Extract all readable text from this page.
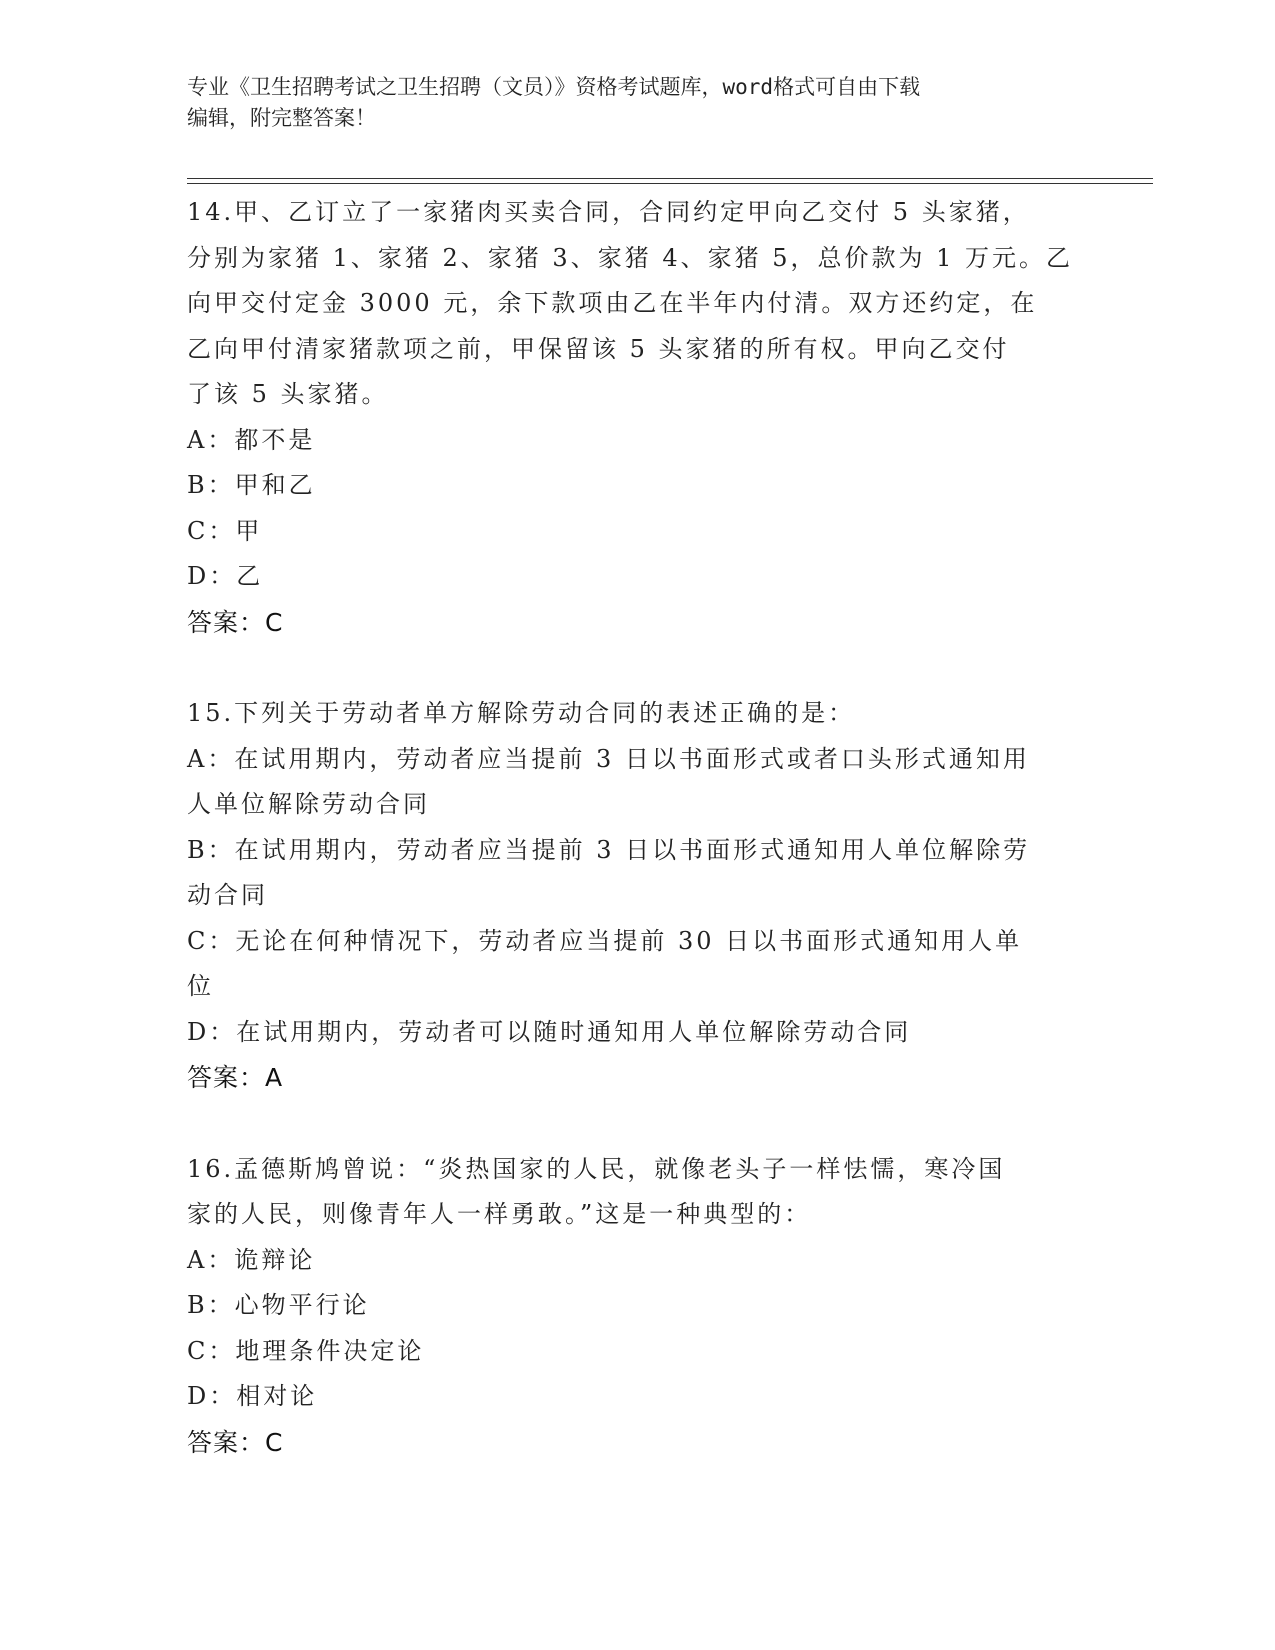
专业《卫生招聘考试之卫生招聘（文员）》资格考试题库，word格式可自由下载
编辑，附完整答案！
14.甲、乙订立了一家猪肉买卖合同，合同约定甲向乙交付 5 头家猪，
分别为家猪 1、家猪 2、家猪 3、家猪 4、家猪 5，总价款为 1 万元。乙
向甲交付定金 3000 元，余下款项由乙在半年内付清。双方还约定，在
乙向甲付清家猪款项之前，甲保留该 5 头家猪的所有权。甲向乙交付
了该 5 头家猪。
A：都不是
B：甲和乙
C：甲
D：乙
答案：C
15.下列关于劳动者单方解除劳动合同的表述正确的是：
A：在试用期内，劳动者应当提前 3 日以书面形式或者口头形式通知用
人单位解除劳动合同
B：在试用期内，劳动者应当提前 3 日以书面形式通知用人单位解除劳
动合同
C：无论在何种情况下，劳动者应当提前 30 日以书面形式通知用人单
位
D：在试用期内，劳动者可以随时通知用人单位解除劳动合同
答案：A
16.孟德斯鸠曾说：“炎热国家的人民，就像老头子一样怯懦，寒冷国
家的人民，则像青年人一样勇敢。”这是一种典型的：
A：诡辩论
B：心物平行论
C：地理条件决定论
D：相对论
答案：C
